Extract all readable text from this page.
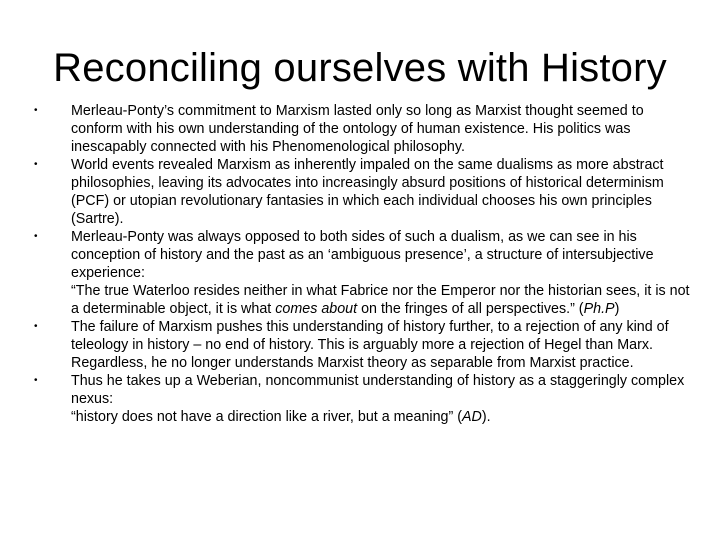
Reconciling ourselves with History
• Merleau-Ponty’s commitment to Marxism lasted only so long as Marxist thought seemed to conform with his own understanding of the ontology of human existence. His politics was inescapably connected with his Phenomenological philosophy.
• World events revealed Marxism as inherently impaled on the same dualisms as more abstract philosophies, leaving its advocates into increasingly absurd positions of historical determinism (PCF) or utopian revolutionary fantasies in which each individual chooses his own principles (Sartre).
• Merleau-Ponty was always opposed to both sides of such a dualism, as we can see in his conception of history and the past as an ‘ambiguous presence’, a structure of intersubjective experience:
“The true Waterloo resides neither in what Fabrice nor the Emperor nor the historian sees, it is not a determinable object, it is what comes about on the fringes of all perspectives.” (Ph.P)
• The failure of Marxism pushes this understanding of history further, to a rejection of any kind of teleology in history – no end of history. This is arguably more a rejection of Hegel than Marx. Regardless, he no longer understands Marxist theory as separable from Marxist practice.
• Thus he takes up a Weberian, noncommunist understanding of history as a staggeringly complex nexus:
“history does not have a direction like a river, but a meaning” (AD).
